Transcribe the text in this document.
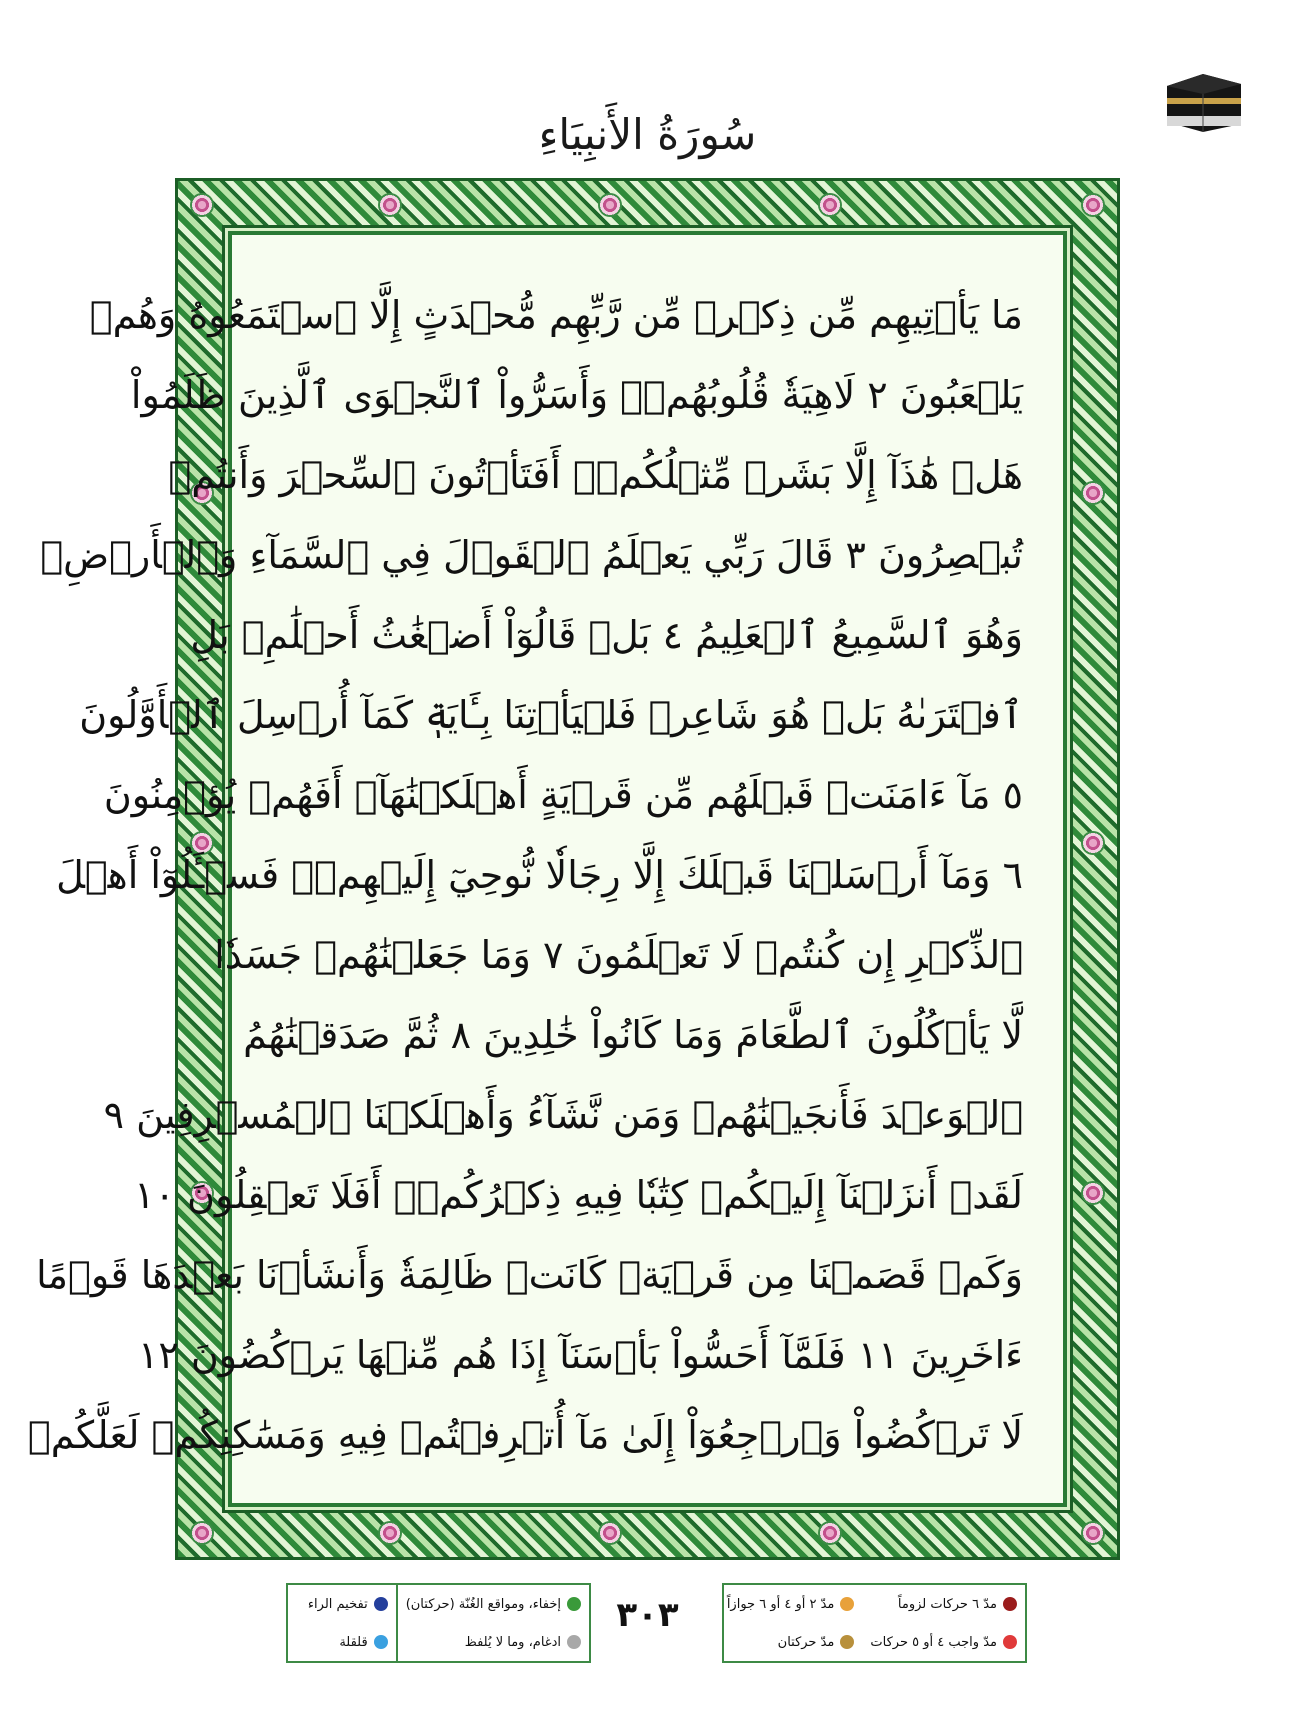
سُورَةُ الأَنبِيَاءِ
مَا يَأۡتِيهِم مِّن ذِكۡرٖ مِّن رَّبِّهِم مُّحۡدَثٍ إِلَّا ٱسۡتَمَعُوهُ وَهُمۡ
يَلۡعَبُونَ ٢ لَاهِيَةٗ قُلُوبُهُمۡۗ وَأَسَرُّواْ ٱلنَّجۡوَى ٱلَّذِينَ ظَلَمُواْ
هَلۡ هَٰذَآ إِلَّا بَشَرٞ مِّثۡلُكُمۡۖ أَفَتَأۡتُونَ ٱلسِّحۡرَ وَأَنتُمۡ
تُبۡصِرُونَ ٣ قَالَ رَبِّي يَعۡلَمُ ٱلۡقَوۡلَ فِي ٱلسَّمَآءِ وَٱلۡأَرۡضِۖ
وَهُوَ ٱلسَّمِيعُ ٱلۡعَلِيمُ ٤ بَلۡ قَالُوٓاْ أَضۡغَٰثُ أَحۡلَٰمِۭ بَلِ
ٱفۡتَرَىٰهُ بَلۡ هُوَ شَاعِرٞ فَلۡيَأۡتِنَا بِـَٔايَةٖ كَمَآ أُرۡسِلَ ٱلۡأَوَّلُونَ
٥ مَآ ءَامَنَتۡ قَبۡلَهُم مِّن قَرۡيَةٍ أَهۡلَكۡنَٰهَآۖ أَفَهُمۡ يُؤۡمِنُونَ
٦ وَمَآ أَرۡسَلۡنَا قَبۡلَكَ إِلَّا رِجَالٗا نُّوحِيٓ إِلَيۡهِمۡۖ فَسۡـَٔلُوٓاْ أَهۡلَ
ٱلذِّكۡرِ إِن كُنتُمۡ لَا تَعۡلَمُونَ ٧ وَمَا جَعَلۡنَٰهُمۡ جَسَدٗا
لَّا يَأۡكُلُونَ ٱلطَّعَامَ وَمَا كَانُواْ خَٰلِدِينَ ٨ ثُمَّ صَدَقۡنَٰهُمُ
ٱلۡوَعۡدَ فَأَنجَيۡنَٰهُمۡ وَمَن نَّشَآءُ وَأَهۡلَكۡنَا ٱلۡمُسۡرِفِينَ ٩
لَقَدۡ أَنزَلۡنَآ إِلَيۡكُمۡ كِتَٰبٗا فِيهِ ذِكۡرُكُمۡۚ أَفَلَا تَعۡقِلُونَ ١٠
وَكَمۡ قَصَمۡنَا مِن قَرۡيَةٖ كَانَتۡ ظَالِمَةٗ وَأَنشَأۡنَا بَعۡدَهَا قَوۡمًا
ءَاخَرِينَ ١١ فَلَمَّآ أَحَسُّواْ بَأۡسَنَآ إِذَا هُم مِّنۡهَا يَرۡكُضُونَ ١٢
لَا تَرۡكُضُواْ وَٱرۡجِعُوٓاْ إِلَىٰ مَآ أُتۡرِفۡتُمۡ فِيهِ وَمَسَٰكِنِكُمۡ لَعَلَّكُمۡ
مدّ ٦ حركات لزوماً
مدّ ٢ أو ٤ أو ٦ جوازاً
مدّ واجب ٤ أو ٥ حركات
مدّ حركتان
٣٠٣
إخفاء، ومواقع الغُنّة (حركتان)
تفخيم الراء
ادغام، وما لا يُلفظ
قلقلة
